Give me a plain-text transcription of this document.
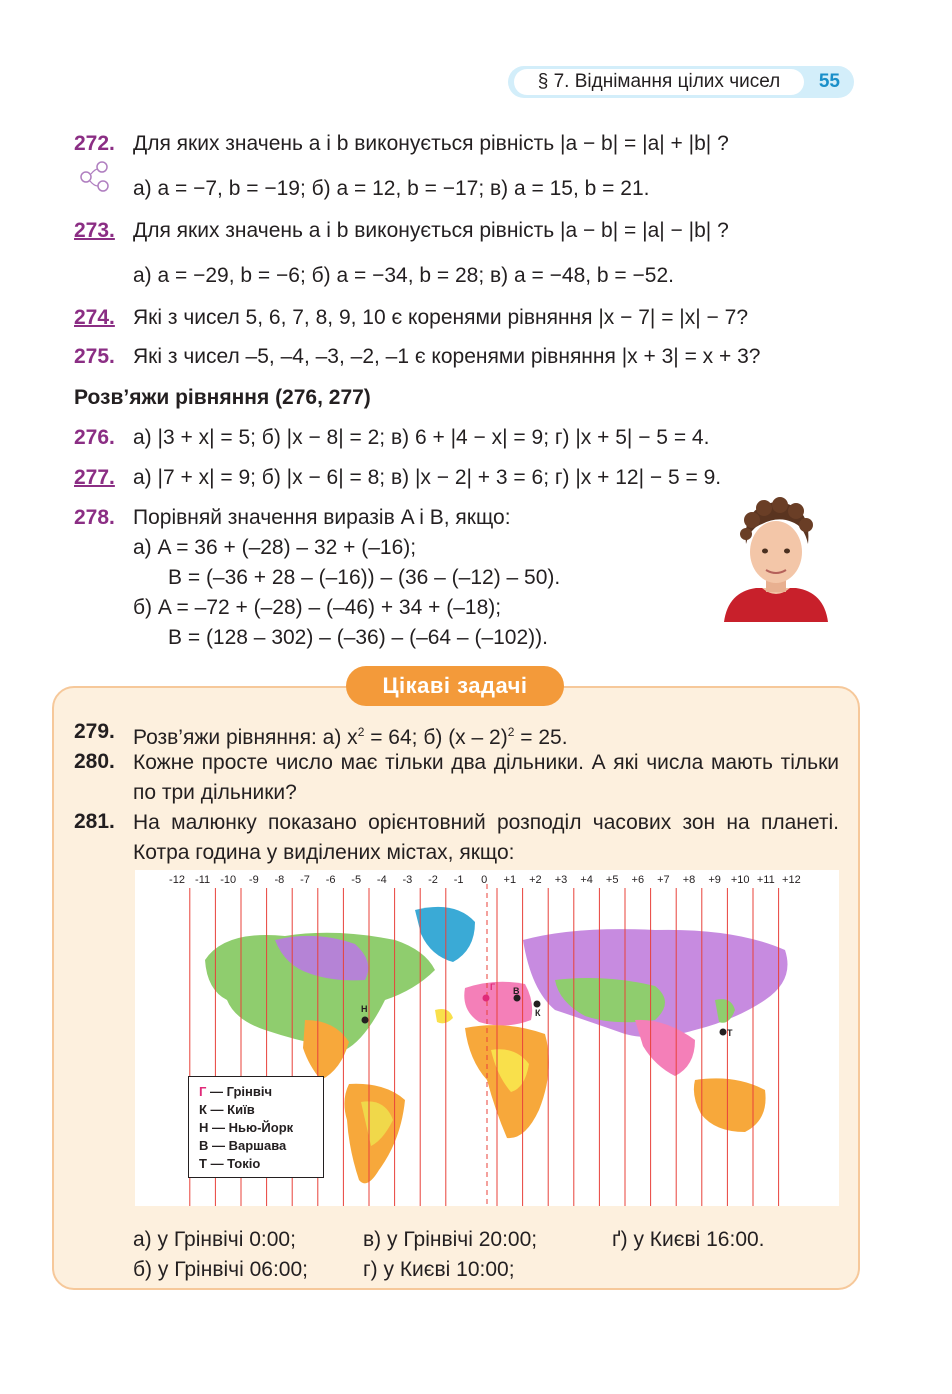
§ 7. Віднімання цілих чисел	55
272. Для яких значень a і b виконується рівність |a − b| = |a| + |b| ?
а) a = −7, b = −19; б) a = 12, b = −17; в) a = 15, b = 21.
273. Для яких значень a і b виконується рівність |a − b| = |a| − |b| ?
а) a = −29, b = −6; б) a = −34, b = 28; в) a = −48, b = −52.
274. Які з чисел 5, 6, 7, 8, 9, 10 є коренями рівняння |x − 7| = |x| − 7?
275. Які з чисел –5, –4, –3, –2, –1 є коренями рівняння |x + 3| = x + 3?
Розв’яжи рівняння (276, 277)
276. а) |3 + x| = 5; б) |x − 8| = 2; в) 6 + |4 − x| = 9; г) |x + 5| − 5 = 4.
277. а) |7 + x| = 9; б) |x − 6| = 8; в) |x − 2| + 3 = 6; г) |x + 12| − 5 = 9.
278. Порівняй значення виразів A і B, якщо:
а) A = 36 + (–28) – 32 + (–16);
B = (–36 + 28 – (–16)) – (36 – (–12) – 50).
б) A = –72 + (–28) – (–46) + 34 + (–18);
B = (128 – 302) – (–36) – (–64 – (–102)).
Цікаві задачі
279. Розв’яжи рівняння: а) $x^2 = 64$; б) (x – 2)$^2$ = 25.
280. Кожне просте число має тільки два дільники. А які числа мають тільки по три дільники?
281. На малюнку показано орієнтовний розподіл часових зон на планеті. Котра година у виділених містах, якщо:
Н
Г В
К
Т
-12 -11 -10 -9 -8 -7 -6 -5 -4 -3 -2 -1 0 +1 +2 +3 +4 +5 +6 +7 +8 +9 +10 +11 +12
Г — Грінвіч
К — Київ
Н — Нью-Йорк
В — Варшава
Т — Токіо
а) у Грінвічі 0:00;	в) у Грінвічі 20:00;	ґ) у Києві 16:00.
б) у Грінвічі 06:00;	г) у Києві 10:00;
